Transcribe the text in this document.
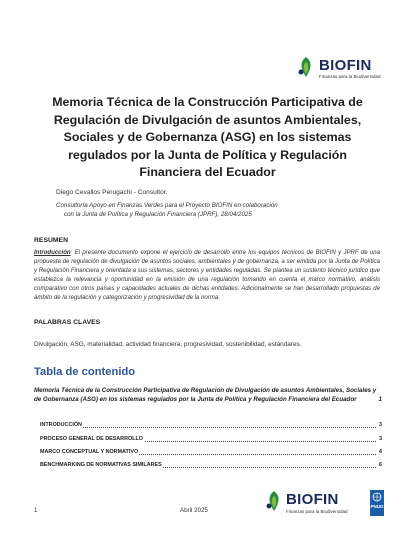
BIOFIN
Finanzas para la Biodiversidad
Memoria Técnica de la Construcción Participativa de Regulación de Divulgación de asuntos Ambientales, Sociales y de Gobernanza (ASG) en los sistemas regulados por la Junta de Política y Regulación Financiera del Ecuador
Diego Cevallos Perugachi - Consultor.
Consultoría Apoyo en Finanzas Verdes para el Proyecto BIOFIN en colaboración
con la Junta de Política y Regulación Financiera (JPRF), 28/04/2025
RESUMEN
Introducción: El presente documento expone el ejercicio de desarrollo entre los equipos técnicos de BIOFIN y JPRF de una propuesta de regulación de divulgación de asuntos sociales, ambientales y de gobernanza, a ser emitida por la Junta de Política y Regulación Financiera y orientada a sus sistemas, sectores y entidades reguladas. Se plantea un sustento técnico jurídico que establezca la relevancia y oportunidad en la emisión de una regulación tomando en cuenta el marco normativo, análisis comparativo con otros países y capacidades actuales de dichas entidades. Adicionalmente se han desarrollado propuestas de ámbito de la regulación y categorización y progresividad de la norma.
PALABRAS CLAVES
Divulgación, ASG, materialidad, actividad financiera, progresividad, sostenibilidad, estándares.
Tabla de contenido
Memoria Técnica de la Construcción Participativa de Regulación de Divulgación de asuntos Ambientales, Sociales y de Gobernanza (ASG) en los sistemas regulados por la Junta de Política y Regulación Financiera del Ecuador	1
INTRODUCCIÓN	3
PROCESO GENERAL DE DESARROLLO	3
MARCO CONCEPTUAL Y NORMATIVO	4
BENCHMARKING DE NORMATIVAS SIMILARES	6
1	Abril 2025
BIOFIN
Finanzas para la Biodiversidad
PNUD
